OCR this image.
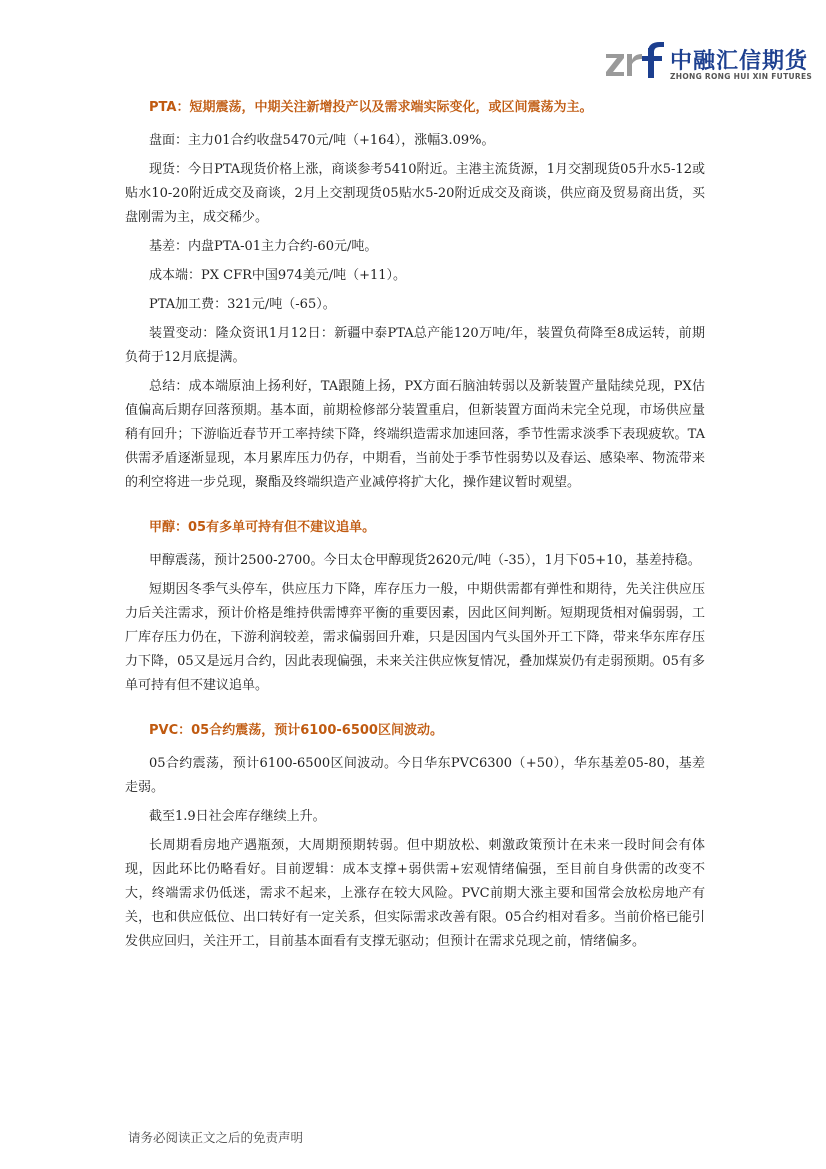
中融汇信期货
ZHONG RONG HUI XIN FUTURES
PTA：短期震荡，中期关注新增投产以及需求端实际变化，或区间震荡为主。

盘面：主力01合约收盘5470元/吨（+164），涨幅3.09%。

现货：今日PTA现货价格上涨，商谈参考5410附近。主港主流货源，1月交割现货05升水5-12或贴水10-20附近成交及商谈，2月上交割现货05贴水5-20附近成交及商谈，供应商及贸易商出货，买盘刚需为主，成交稀少。

基差：内盘PTA-01主力合约-60元/吨。

成本端：PX CFR中国974美元/吨（+11）。

PTA加工费：321元/吨（-65）。

装置变动：隆众资讯1月12日：新疆中泰PTA总产能120万吨/年，装置负荷降至8成运转，前期负荷于12月底提满。

总结：成本端原油上扬利好，TA跟随上扬，PX方面石脑油转弱以及新装置产量陆续兑现，PX估值偏高后期存回落预期。基本面，前期检修部分装置重启，但新装置方面尚未完全兑现，市场供应量稍有回升；下游临近春节开工率持续下降，终端织造需求加速回落，季节性需求淡季下表现疲软。TA供需矛盾逐渐显现，本月累库压力仍存，中期看，当前处于季节性弱势以及春运、感染率、物流带来的利空将进一步兑现，聚酯及终端织造产业减停将扩大化，操作建议暂时观望。

甲醇：05有多单可持有但不建议追单。

甲醇震荡，预计2500-2700。今日太仓甲醇现货2620元/吨（-35），1月下05+10，基差持稳。

短期因冬季气头停车，供应压力下降，库存压力一般，中期供需都有弹性和期待，先关注供应压力后关注需求，预计价格是维持供需博弈平衡的重要因素，因此区间判断。短期现货相对偏弱弱，工厂库存压力仍在，下游利润较差，需求偏弱回升难，只是因国内气头国外开工下降，带来华东库存压力下降，05又是远月合约，因此表现偏强，未来关注供应恢复情况，叠加煤炭仍有走弱预期。05有多单可持有但不建议追单。

PVC：05合约震荡，预计6100-6500区间波动。

05合约震荡，预计6100-6500区间波动。今日华东PVC6300（+50），华东基差05-80，基差走弱。

截至1.9日社会库存继续上升。

长周期看房地产遇瓶颈，大周期预期转弱。但中期放松、刺激政策预计在未来一段时间会有体现，因此环比仍略看好。目前逻辑：成本支撑+弱供需+宏观情绪偏强，至目前自身供需的改变不大，终端需求仍低迷，需求不起来，上涨存在较大风险。PVC前期大涨主要和国常会放松房地产有关，也和供应低位、出口转好有一定关系，但实际需求改善有限。05合约相对看多。当前价格已能引发供应回归，关注开工，目前基本面看有支撑无驱动；但预计在需求兑现之前，情绪偏多。

请务必阅读正文之后的免责声明
